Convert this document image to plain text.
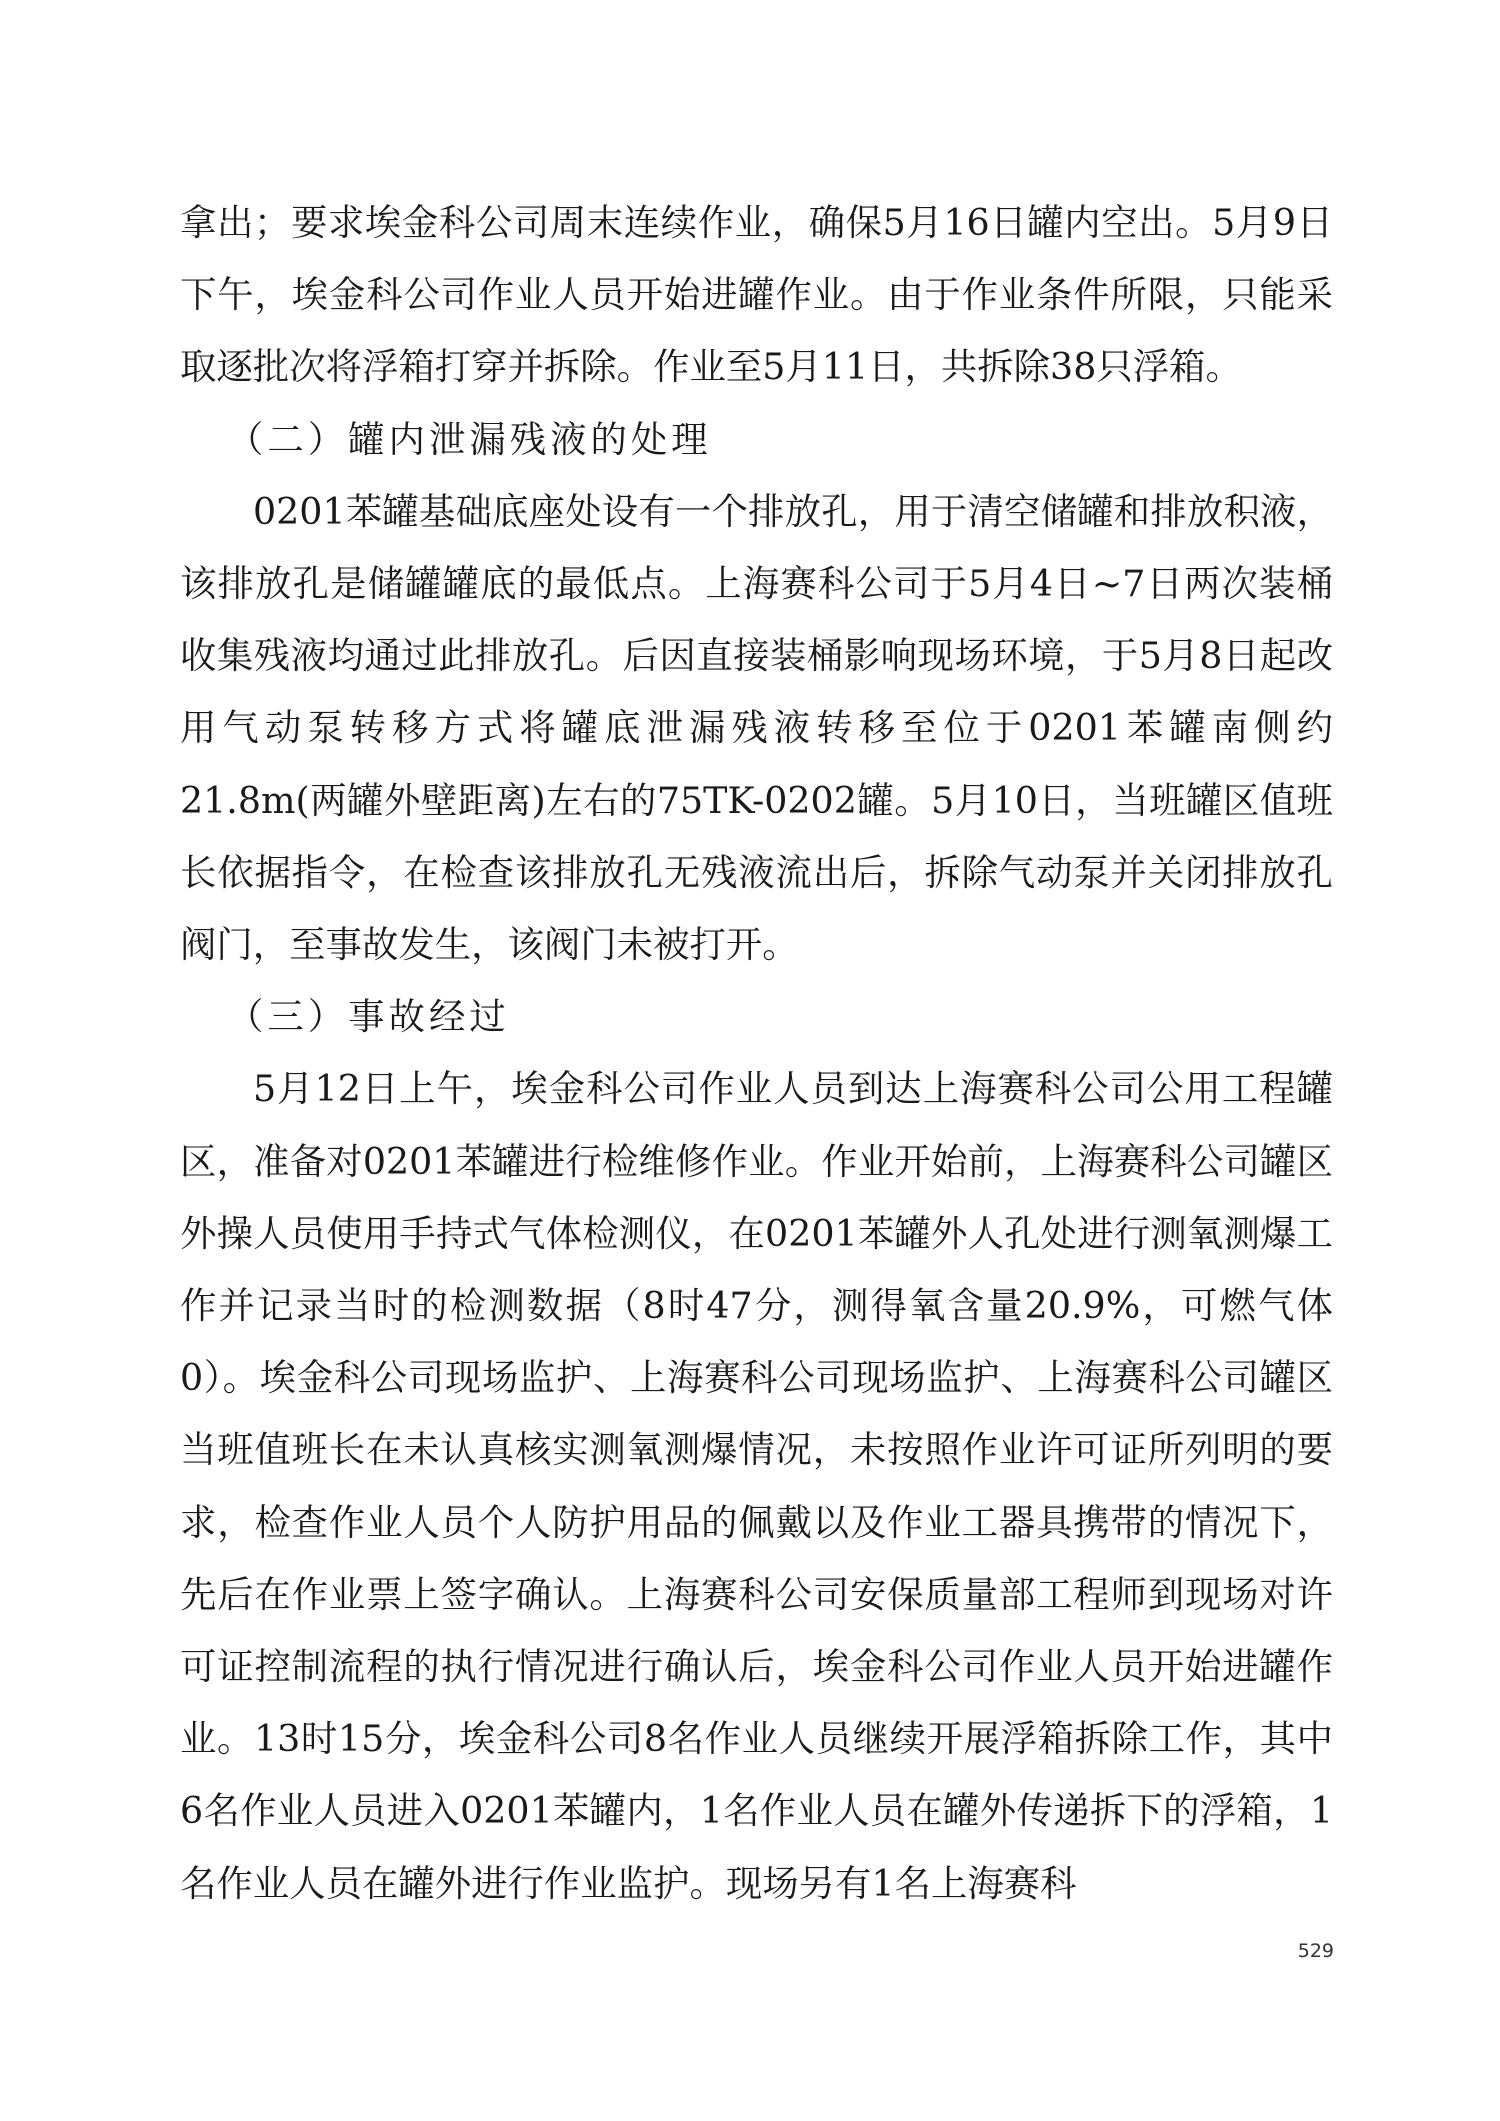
拿出；要求埃金科公司周末连续作业，确保5月16日罐内空出。5月9日下午，埃金科公司作业人员开始进罐作业。由于作业条件所限，只能采取逐批次将浮箱打穿并拆除。作业至5月11日，共拆除38只浮箱。

（二）罐内泄漏残液的处理

0201苯罐基础底座处设有一个排放孔，用于清空储罐和排放积液，该排放孔是储罐罐底的最低点。上海赛科公司于5月4日~7日两次装桶收集残液均通过此排放孔。后因直接装桶影响现场环境，于5月8日起改用气动泵转移方式将罐底泄漏残液转移至位于0201苯罐南侧约21.8m(两罐外壁距离)左右的75TK-0202罐。5月10日，当班罐区值班长依据指令，在检查该排放孔无残液流出后，拆除气动泵并关闭排放孔阀门，至事故发生，该阀门未被打开。

（三）事故经过

5月12日上午，埃金科公司作业人员到达上海赛科公司公用工程罐区，准备对0201苯罐进行检维修作业。作业开始前，上海赛科公司罐区外操人员使用手持式气体检测仪，在0201苯罐外人孔处进行测氧测爆工作并记录当时的检测数据（8时47分，测得氧含量20.9%，可燃气体0）。埃金科公司现场监护、上海赛科公司现场监护、上海赛科公司罐区当班值班长在未认真核实测氧测爆情况，未按照作业许可证所列明的要求，检查作业人员个人防护用品的佩戴以及作业工器具携带的情况下，先后在作业票上签字确认。上海赛科公司安保质量部工程师到现场对许可证控制流程的执行情况进行确认后，埃金科公司作业人员开始进罐作业。13时15分，埃金科公司8名作业人员继续开展浮箱拆除工作，其中6名作业人员进入0201苯罐内，1名作业人员在罐外传递拆下的浮箱，1名作业人员在罐外进行作业监护。现场另有1名上海赛科

529
